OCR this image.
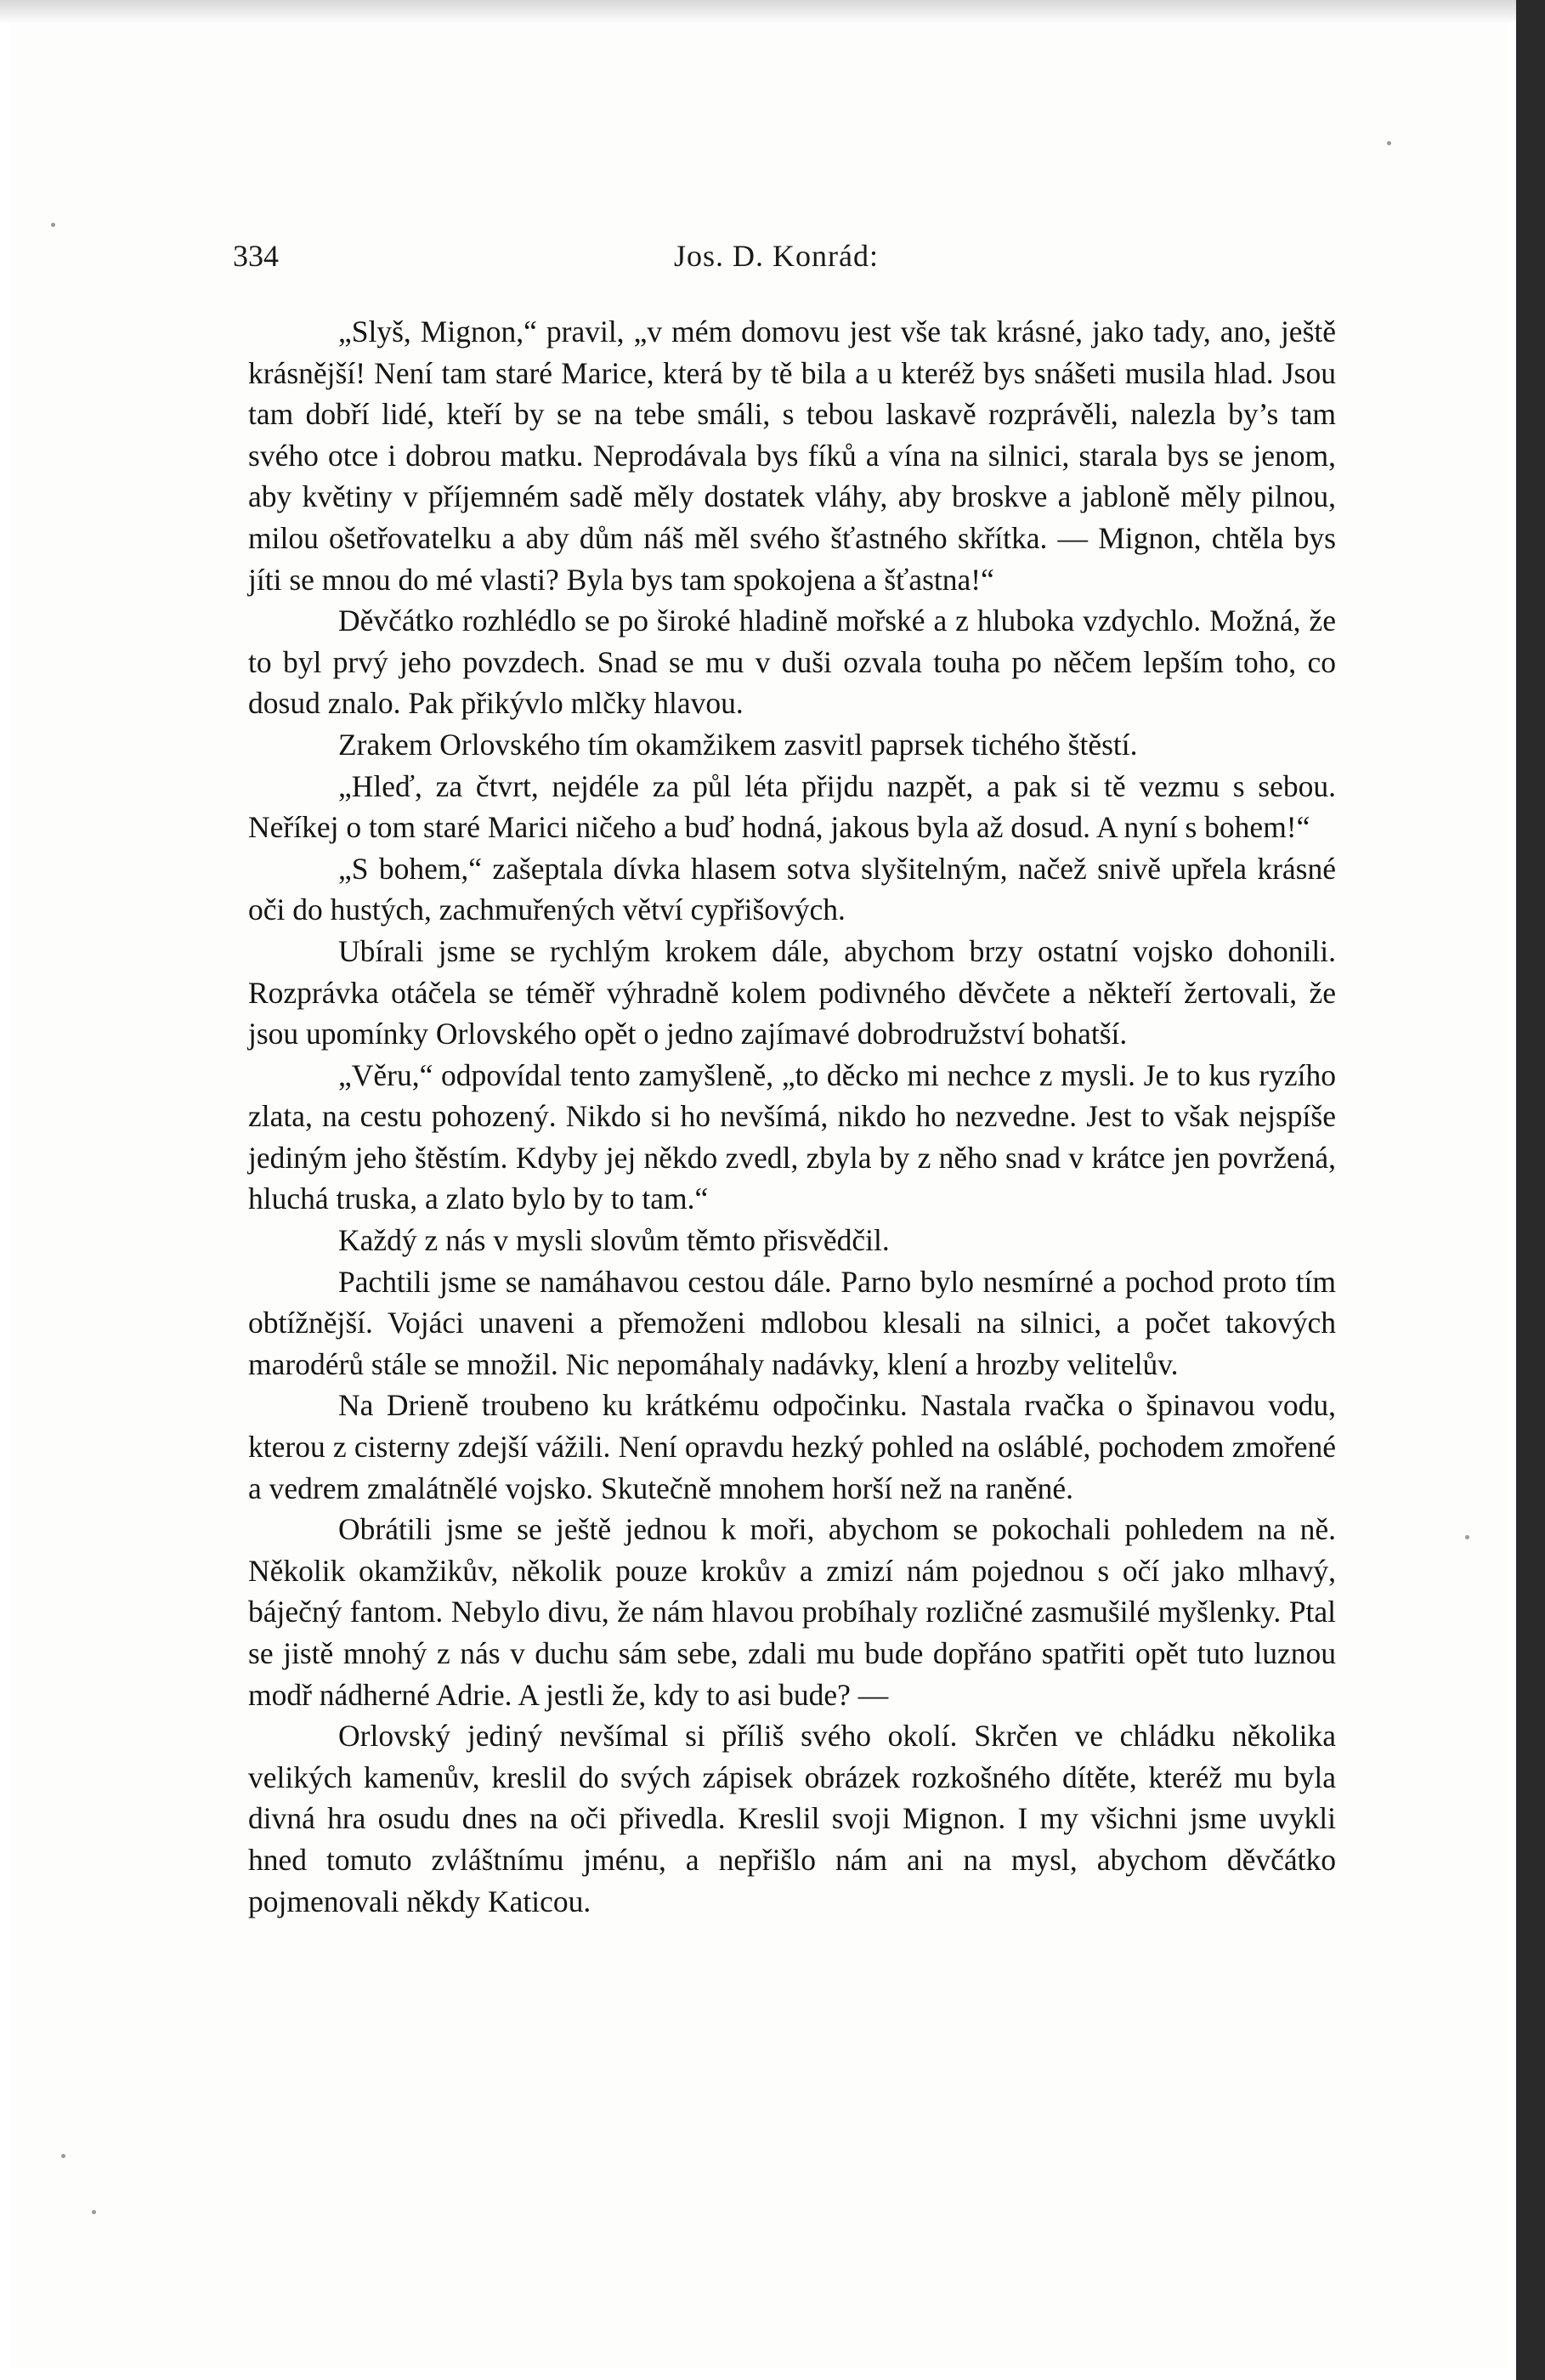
334	Jos. D. Konrád:

„Slyš, Mignon,“ pravil, „v mém domovu jest vše tak krásné, jako tady, ano, ještě krásnější! Není tam staré Marice, která by tě bila a u kteréž bys snášeti musila hlad. Jsou tam dobří lidé, kteří by se na tebe smáli, s tebou laskavě rozprávěli, nalezla by’s tam svého otce i dobrou matku. Neprodávala bys fíků a vína na silnici, starala bys se jenom, aby květiny v příjemném sadě měly dostatek vláhy, aby broskve a jabloně měly pilnou, milou ošetřovatelku a aby dům náš měl svého šťastného skřítka. — Mignon, chtěla bys jíti se mnou do mé vlasti? Byla bys tam spokojena a šťastna!“

Děvčátko rozhlédlo se po široké hladině mořské a z hluboka vzdychlo. Možná, že to byl prvý jeho povzdech. Snad se mu v duši ozvala touha po něčem lepším toho, co dosud znalo. Pak přikývlo mlčky hlavou.

Zrakem Orlovského tím okamžikem zasvitl paprsek tichého štěstí.

„Hleď, za čtvrt, nejdéle za půl léta přijdu nazpět, a pak si tě vezmu s sebou. Neříkej o tom staré Marici ničeho a buď hodná, jakous byla až dosud. A nyní s bohem!“

„S bohem,“ zašeptala dívka hlasem sotva slyšitelným, načež snivě upřela krásné oči do hustých, zachmuřených větví cypřišových.

Ubírali jsme se rychlým krokem dále, abychom brzy ostatní vojsko dohonili. Rozprávka otáčela se téměř výhradně kolem podivného děvčete a někteří žertovali, že jsou upomínky Orlovského opět o jedno zajímavé dobrodružství bohatší.

„Věru,“ odpovídal tento zamyšleně, „to děcko mi nechce z mysli. Je to kus ryzího zlata, na cestu pohozený. Nikdo si ho nevšímá, nikdo ho nezvedne. Jest to však nejspíše jediným jeho štěstím. Kdyby jej někdo zvedl, zbyla by z něho snad v krátce jen povržená, hluchá truska, a zlato bylo by to tam.“

Každý z nás v mysli slovům těmto přisvědčil.

Pachtili jsme se namáhavou cestou dále. Parno bylo nesmírné a pochod proto tím obtížnější. Vojáci unaveni a přemoženi mdlobou klesali na silnici, a počet takových marodérů stále se množil. Nic nepomáhaly nadávky, klení a hrozby velitelův.

Na Drieně troubeno ku krátkému odpočinku. Nastala rvačka o špinavou vodu, kterou z cisterny zdejší vážili. Není opravdu hezký pohled na osláblé, pochodem zmořené a vedrem zmalátnělé vojsko. Skutečně mnohem horší než na raněné.

Obrátili jsme se ještě jednou k moři, abychom se pokochali pohledem na ně. Několik okamžikův, několik pouze krokův a zmizí nám pojednou s očí jako mlhavý, báječný fantom. Nebylo divu, že nám hlavou probíhaly rozličné zasmušilé myšlenky. Ptal se jistě mnohý z nás v duchu sám sebe, zdali mu bude dopřáno spatřiti opět tuto luznou modř nádherné Adrie. A jestli že, kdy to asi bude? —

Orlovský jediný nevšímal si příliš svého okolí. Skrčen ve chládku několika velikých kamenův, kreslil do svých zápisek obrázek rozkošného dítěte, kteréž mu byla divná hra osudu dnes na oči přivedla. Kreslil svoji Mignon. I my všichni jsme uvykli hned tomuto zvláštnímu jménu, a nepřišlo nám ani na mysl, abychom děvčátko pojmenovali někdy Katicou.
